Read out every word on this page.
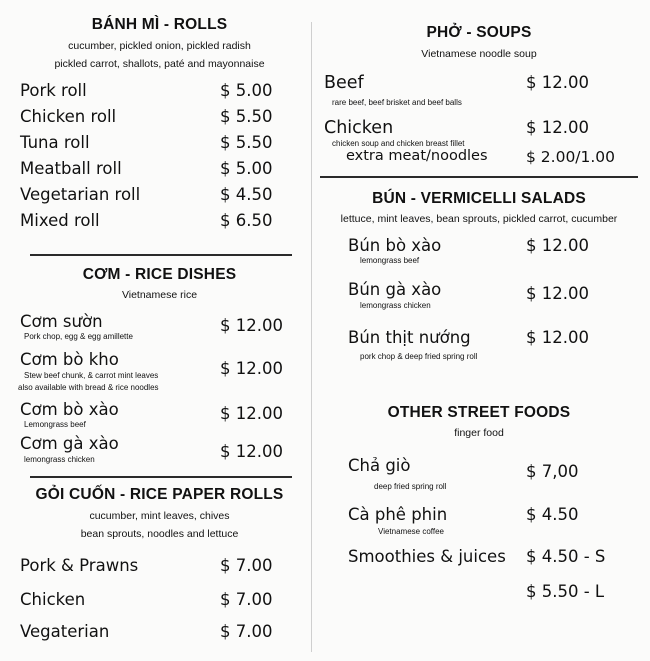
BÁNH MÌ - ROLLS
cucumber, pickled onion, pickled radish
pickled carrot, shallots, paté and mayonnaise
Pork roll	$ 5.00
Chicken roll	$ 5.50
Tuna roll	$ 5.50
Meatball roll	$ 5.00
Vegetarian roll	$ 4.50
Mixed roll	$ 6.50
CƠM - RICE DISHES
Vietnamese rice
Cơm sườn	$ 12.00
Pork chop, egg & egg amillette
Cơm bò kho	$ 12.00
Stew beef chunk, & carrot mint leaves
also available with bread & rice noodles
Cơm bò xào	$ 12.00
Lemongrass beef
Cơm gà xào	$ 12.00
lemongrass chicken
GỎI CUỐN - RICE PAPER ROLLS
cucumber, mint leaves, chives
bean sprouts, noodles and lettuce
Pork & Prawns	$ 7.00
Chicken	$ 7.00
Vegaterian	$ 7.00
PHỞ - SOUPS
Vietnamese noodle soup
Beef	$ 12.00
rare beef, beef brisket and beef balls
Chicken	$ 12.00
chicken soup and chicken breast fillet
extra meat/noodles $ 2.00/1.00
BÚN - VERMICELLI SALADS
lettuce, mint leaves, bean sprouts, pickled carrot, cucumber
Bún bò xào	$ 12.00
lemongrass beef
Bún gà xào	$ 12.00
lemongrass chicken
Bún thịt nướng	$ 12.00
pork chop & deep fried spring roll
OTHER STREET FOODS
finger food
Chả giò	$ 7,00
deep fried spring roll
Cà phê phin	$ 4.50
Vietnamese coffee
Smoothies & juices $ 4.50 - S
$ 5.50 - L
